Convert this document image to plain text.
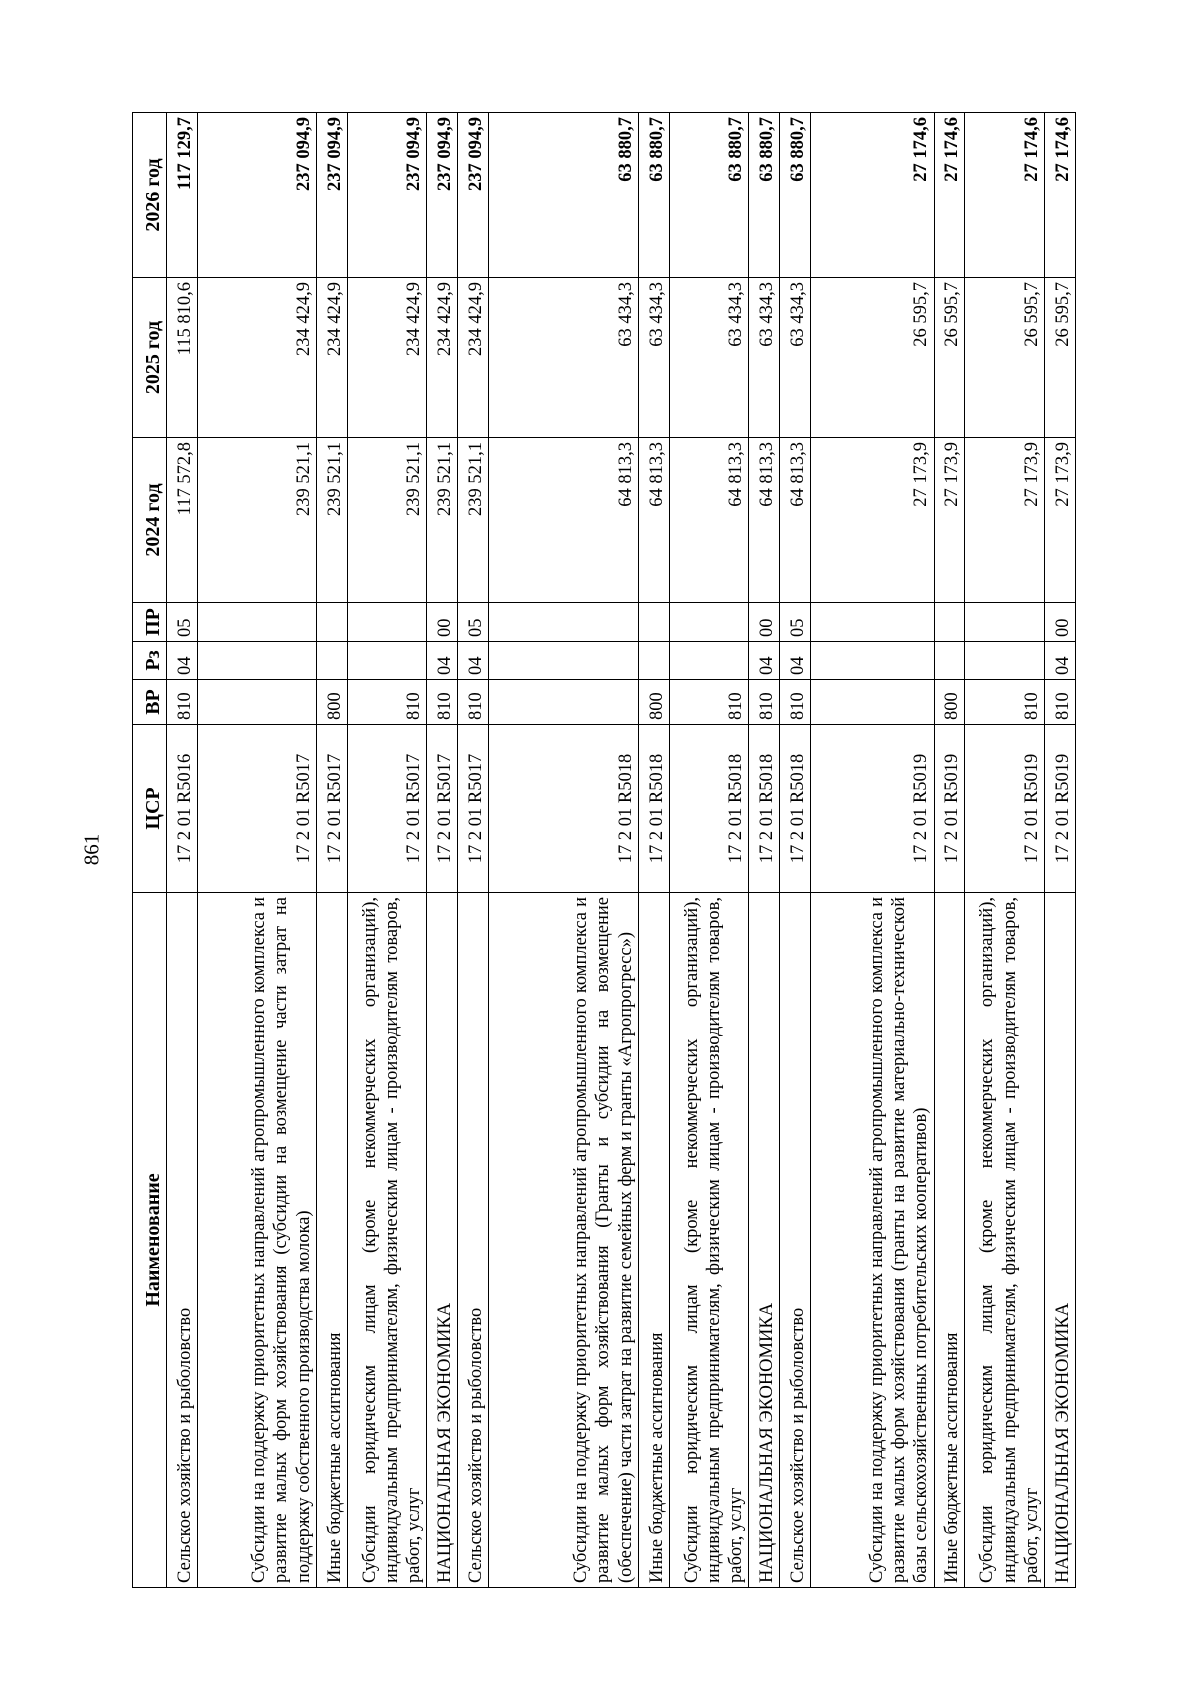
861
Наименование	ЦСР	ВР	Рз	ПР	2024 год	2025 год	2026 год
Сельское хозяйство и рыболовство	17 2 01 R5016	810	04	05	117 572,8	115 810,6	117 129,7
Субсидии на поддержку приоритетных направлений агропромышленного комплекса и развитие малых форм хозяйствования (субсидии на возмещение части затрат на поддержку собственного производства молока)	17 2 01 R5017				239 521,1	234 424,9	237 094,9
Иные бюджетные ассигнования	17 2 01 R5017	800			239 521,1	234 424,9	237 094,9
Субсидии юридическим лицам (кроме некоммерческих организаций), индивидуальным предпринимателям, физическим лицам - производителям товаров, работ, услуг	17 2 01 R5017	810			239 521,1	234 424,9	237 094,9
НАЦИОНАЛЬНАЯ ЭКОНОМИКА	17 2 01 R5017	810	04	00	239 521,1	234 424,9	237 094,9
Сельское хозяйство и рыболовство	17 2 01 R5017	810	04	05	239 521,1	234 424,9	237 094,9
Субсидии на поддержку приоритетных направлений агропромышленного комплекса и развитие малых форм хозяйствования (Гранты и субсидии на возмещение (обеспечение) части затрат на развитие семейных ферм и гранты «Агропрогресс»)	17 2 01 R5018				64 813,3	63 434,3	63 880,7
Иные бюджетные ассигнования	17 2 01 R5018	800			64 813,3	63 434,3	63 880,7
Субсидии юридическим лицам (кроме некоммерческих организаций), индивидуальным предпринимателям, физическим лицам - производителям товаров, работ, услуг	17 2 01 R5018	810			64 813,3	63 434,3	63 880,7
НАЦИОНАЛЬНАЯ ЭКОНОМИКА	17 2 01 R5018	810	04	00	64 813,3	63 434,3	63 880,7
Сельское хозяйство и рыболовство	17 2 01 R5018	810	04	05	64 813,3	63 434,3	63 880,7
Субсидии на поддержку приоритетных направлений агропромышленного комплекса и развитие малых форм хозяйствования (гранты на развитие материально-технической базы сельскохозяйственных потребительских кооперативов)	17 2 01 R5019				27 173,9	26 595,7	27 174,6
Иные бюджетные ассигнования	17 2 01 R5019	800			27 173,9	26 595,7	27 174,6
Субсидии юридическим лицам (кроме некоммерческих организаций), индивидуальным предпринимателям, физическим лицам - производителям товаров, работ, услуг	17 2 01 R5019	810			27 173,9	26 595,7	27 174,6
НАЦИОНАЛЬНАЯ ЭКОНОМИКА	17 2 01 R5019	810	04	00	27 173,9	26 595,7	27 174,6
